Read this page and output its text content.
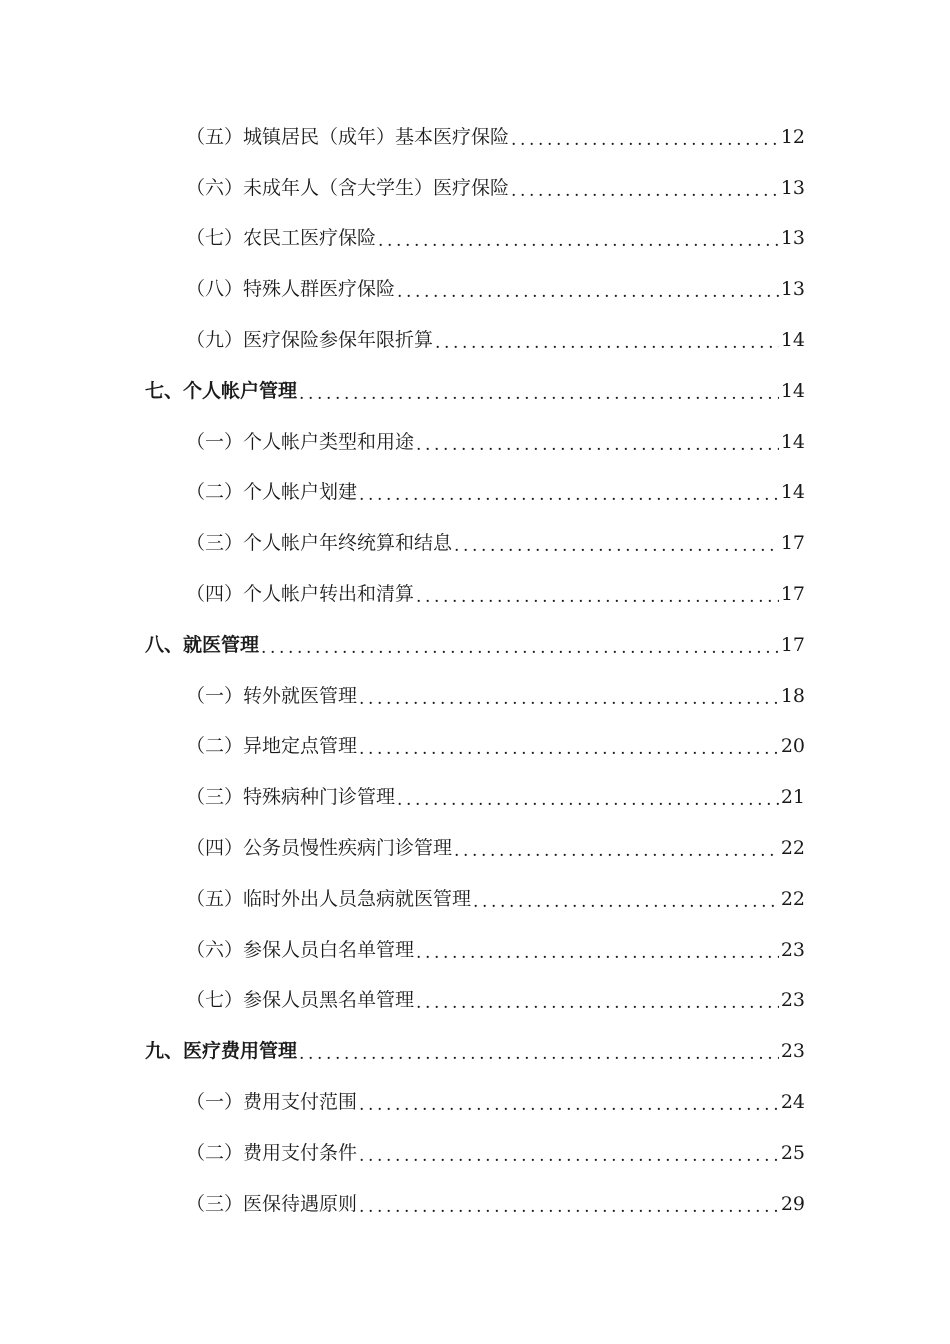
（五）城镇居民（成年）基本医疗保险 .....	12
（六）未成年人（含大学生）医疗保险 .....	13
（七）农民工医疗保险 .....	13
（八）特殊人群医疗保险 .....	13
（九）医疗保险参保年限折算 .....	14
七、个人帐户管理 .....	14
（一）个人帐户类型和用途 .....	14
（二）个人帐户划建 .....	14
（三）个人帐户年终统算和结息 .....	17
（四）个人帐户转出和清算 .....	17
八、就医管理 .....	17
（一）转外就医管理 .....	18
（二）异地定点管理 .....	20
（三）特殊病种门诊管理 .....	21
（四）公务员慢性疾病门诊管理 .....	22
（五）临时外出人员急病就医管理 .....	22
（六）参保人员白名单管理 .....	23
（七）参保人员黑名单管理 .....	23
九、医疗费用管理 .....	23
（一）费用支付范围 .....	24
（二）费用支付条件 .....	25
（三）医保待遇原则 .....	29
